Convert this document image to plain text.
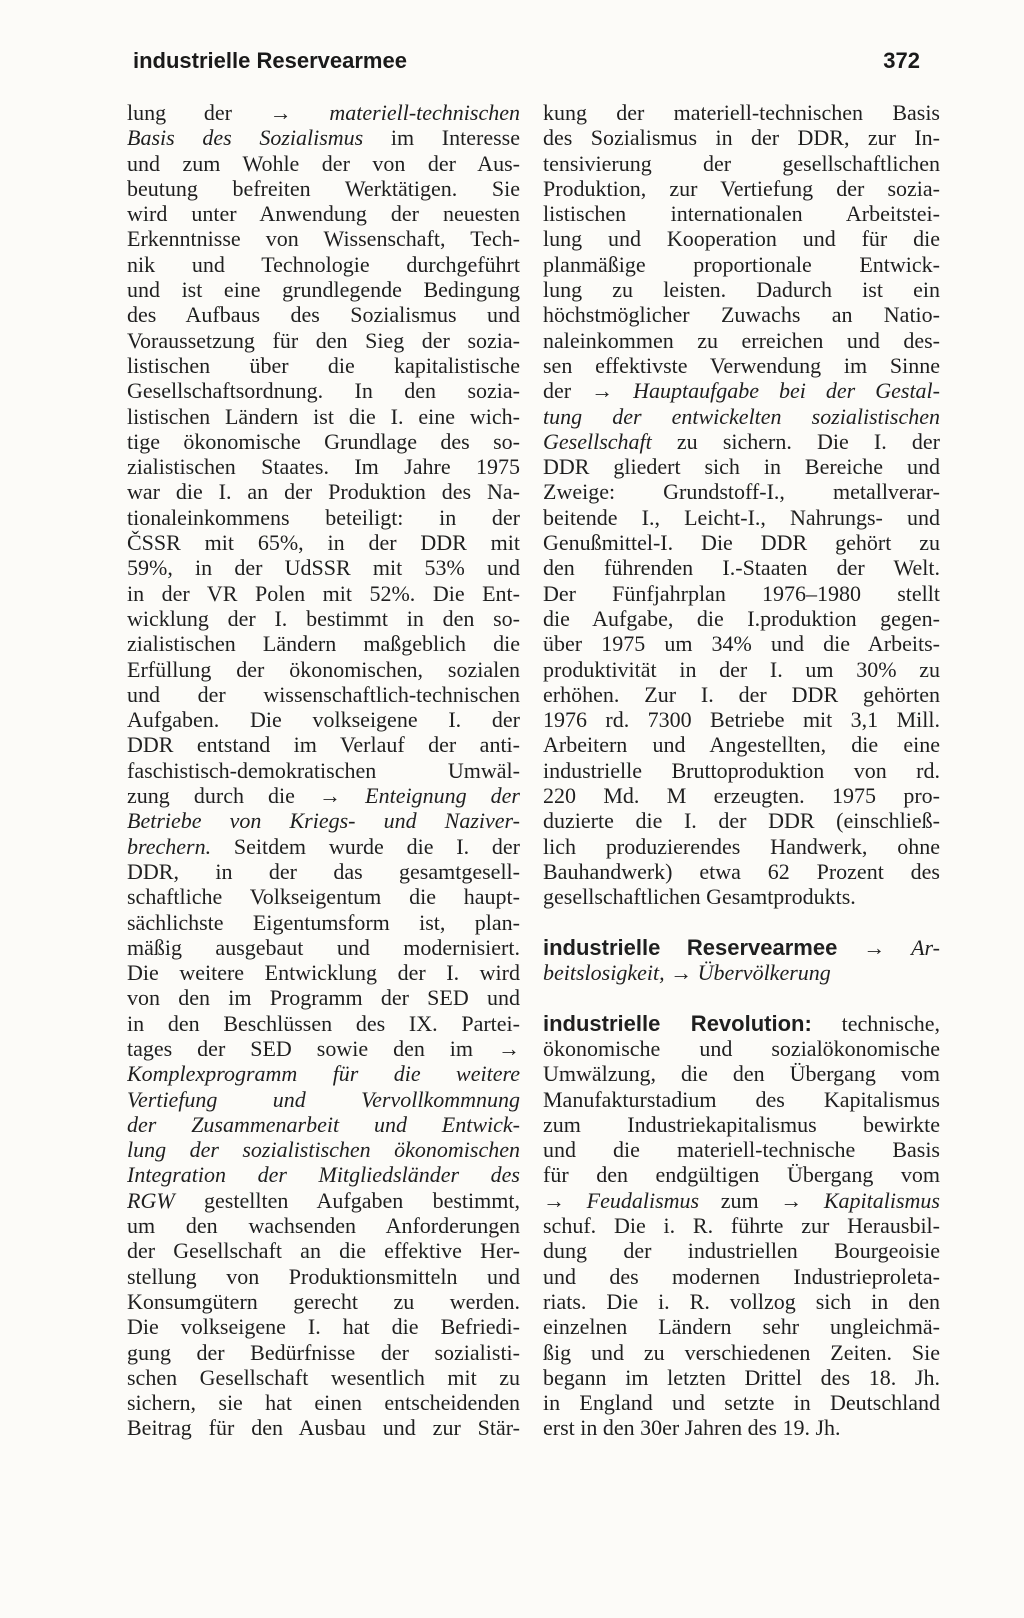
industrielle Reservearmee	372
lung der → materiell-technischen
Basis des Sozialismus im Interesse
und zum Wohle der von der Aus-
beutung befreiten Werktätigen. Sie
wird unter Anwendung der neuesten
Erkenntnisse von Wissenschaft, Tech-
nik und Technologie durchgeführt
und ist eine grundlegende Bedingung
des Aufbaus des Sozialismus und
Voraussetzung für den Sieg der sozia-
listischen über die kapitalistische
Gesellschaftsordnung. In den sozia-
listischen Ländern ist die I. eine wich-
tige ökonomische Grundlage des so-
zialistischen Staates. Im Jahre 1975
war die I. an der Produktion des Na-
tionaleinkommens beteiligt: in der
ČSSR mit 65%, in der DDR mit
59%, in der UdSSR mit 53% und
in der VR Polen mit 52%. Die Ent-
wicklung der I. bestimmt in den so-
zialistischen Ländern maßgeblich die
Erfüllung der ökonomischen, sozialen
und der wissenschaftlich-technischen
Aufgaben. Die volkseigene I. der
DDR entstand im Verlauf der anti-
faschistisch-demokratischen Umwäl-
zung durch die → Enteignung der
Betriebe von Kriegs- und Naziver-
brechern. Seitdem wurde die I. der
DDR, in der das gesamtgesell-
schaftliche Volkseigentum die haupt-
sächlichste Eigentumsform ist, plan-
mäßig ausgebaut und modernisiert.
Die weitere Entwicklung der I. wird
von den im Programm der SED und
in den Beschlüssen des IX. Partei-
tages der SED sowie den im →
Komplexprogramm für die weitere
Vertiefung und Vervollkommnung
der Zusammenarbeit und Entwick-
lung der sozialistischen ökonomischen
Integration der Mitgliedsländer des
RGW gestellten Aufgaben bestimmt,
um den wachsenden Anforderungen
der Gesellschaft an die effektive Her-
stellung von Produktionsmitteln und
Konsumgütern gerecht zu werden.
Die volkseigene I. hat die Befriedi-
gung der Bedürfnisse der sozialisti-
schen Gesellschaft wesentlich mit zu
sichern, sie hat einen entscheidenden
Beitrag für den Ausbau und zur Stär-
kung der materiell-technischen Basis
des Sozialismus in der DDR, zur In-
tensivierung der gesellschaftlichen
Produktion, zur Vertiefung der sozia-
listischen internationalen Arbeitstei-
lung und Kooperation und für die
planmäßige proportionale Entwick-
lung zu leisten. Dadurch ist ein
höchstmöglicher Zuwachs an Natio-
naleinkommen zu erreichen und des-
sen effektivste Verwendung im Sinne
der → Hauptaufgabe bei der Gestal-
tung der entwickelten sozialistischen
Gesellschaft zu sichern. Die I. der
DDR gliedert sich in Bereiche und
Zweige: Grundstoff-I., metallverar-
beitende I., Leicht-I., Nahrungs- und
Genußmittel-I. Die DDR gehört zu
den führenden I.-Staaten der Welt.
Der Fünfjahrplan 1976–1980 stellt
die Aufgabe, die I.produktion gegen-
über 1975 um 34% und die Arbeits-
produktivität in der I. um 30% zu
erhöhen. Zur I. der DDR gehörten
1976 rd. 7300 Betriebe mit 3,1 Mill.
Arbeitern und Angestellten, die eine
industrielle Bruttoproduktion von rd.
220 Md. M erzeugten. 1975 pro-
duzierte die I. der DDR (einschließ-
lich produzierendes Handwerk, ohne
Bauhandwerk) etwa 62 Prozent des
gesellschaftlichen Gesamtprodukts.
industrielle Reservearmee → Ar-
beitslosigkeit, → Übervölkerung
industrielle Revolution: technische,
ökonomische und sozialökonomische
Umwälzung, die den Übergang vom
Manufakturstadium des Kapitalismus
zum Industriekapitalismus bewirkte
und die materiell-technische Basis
für den endgültigen Übergang vom
→ Feudalismus zum → Kapitalismus
schuf. Die i. R. führte zur Herausbil-
dung der industriellen Bourgeoisie
und des modernen Industrieproleta-
riats. Die i. R. vollzog sich in den
einzelnen Ländern sehr ungleichmä-
ßig und zu verschiedenen Zeiten. Sie
begann im letzten Drittel des 18. Jh.
in England und setzte in Deutschland
erst in den 30er Jahren des 19. Jh.
